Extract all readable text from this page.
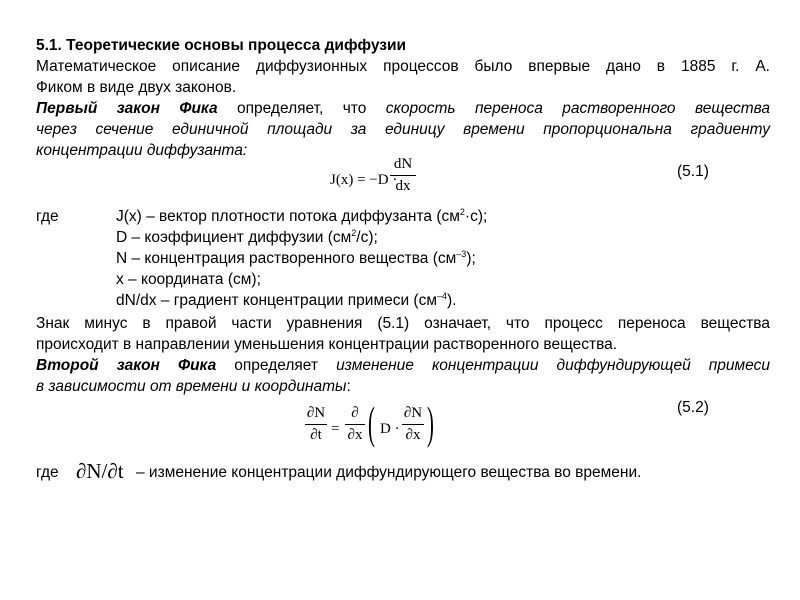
5.1. Теоретические основы процесса диффузии
Математическое описание диффузионных процессов было впервые дано в 1885 г. А.
Фиком в виде двух законов.
Первый закон Фика определяет, что скорость переноса растворенного вещества
через сечение единичной площади за единицу времени пропорциональна градиенту
концентрации диффузанта:
J(x) = −D ·
dN
dx
(5.1)
где	J(x) – вектор плотности потока диффузанта $(см^2\cdot с)$;
D – коэффициент диффузии $(см^2/с)$;
N – концентрация растворенного вещества $(см^{-3})$;
x – координата (см);
dN/dx – градиент концентрации примеси $(см^{-4})$.
Знак минус в правой части уравнения (5.1) означает, что процесс переноса вещества
происходит в направлении уменьшения концентрации растворенного вещества.
Второй закон Фика определяет изменение концентрации диффундирующей примеси
в зависимости от времени и координаты:
∂N
∂t =
∂
∂x ( D ·
∂N
∂x )	(5.2)
где ∂N/∂t – изменение концентрации диффундирующего вещества во времени.
